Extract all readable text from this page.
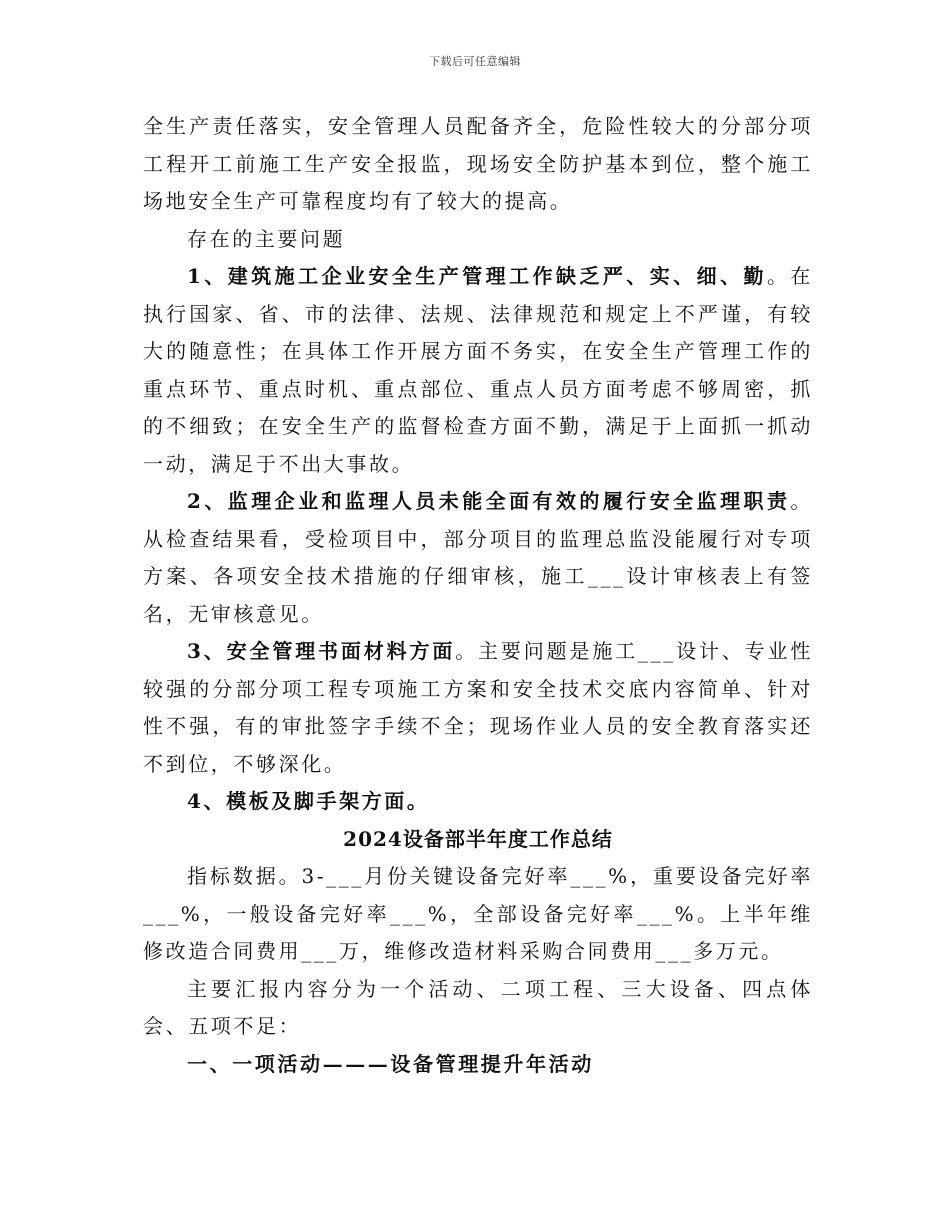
下载后可任意编辑

全生产责任落实，安全管理人员配备齐全，危险性较大的分部分项工程开工前施工生产安全报监，现场安全防护基本到位，整个施工场地安全生产可靠程度均有了较大的提高。

存在的主要问题

1、建筑施工企业安全生产管理工作缺乏严、实、细、勤。在执行国家、省、市的法律、法规、法律规范和规定上不严谨，有较大的随意性；在具体工作开展方面不务实，在安全生产管理工作的重点环节、重点时机、重点部位、重点人员方面考虑不够周密，抓的不细致；在安全生产的监督检查方面不勤，满足于上面抓一抓动一动，满足于不出大事故。

2、监理企业和监理人员未能全面有效的履行安全监理职责。从检查结果看，受检项目中，部分项目的监理总监没能履行对专项方案、各项安全技术措施的仔细审核，施工___设计审核表上有签名，无审核意见。

3、安全管理书面材料方面。主要问题是施工___设计、专业性较强的分部分项工程专项施工方案和安全技术交底内容简单、针对性不强，有的审批签字手续不全；现场作业人员的安全教育落实还不到位，不够深化。

4、模板及脚手架方面。

2024设备部半年度工作总结

指标数据。3-___月份关键设备完好率___%，重要设备完好率___%，一般设备完好率___%，全部设备完好率___%。上半年维修改造合同费用___万，维修改造材料采购合同费用___多万元。

主要汇报内容分为一个活动、二项工程、三大设备、四点体会、五项不足：

一、一项活动———设备管理提升年活动
